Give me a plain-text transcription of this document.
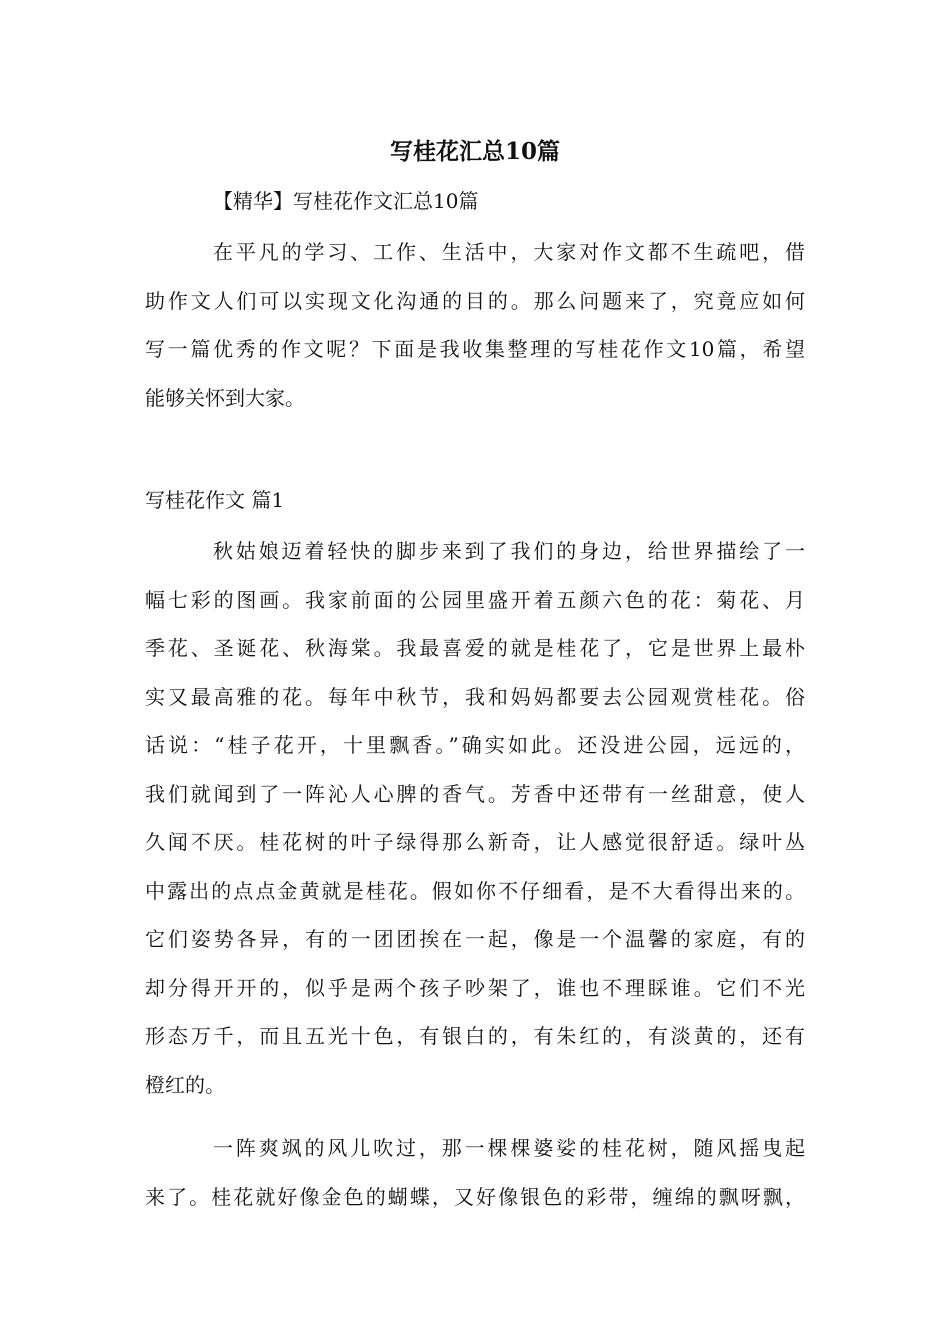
写桂花汇总10篇

【精华】写桂花作文汇总10篇

在平凡的学习、工作、生活中，大家对作文都不生疏吧，借
助作文人们可以实现文化沟通的目的。那么问题来了，究竟应如何
写一篇优秀的作文呢？下面是我收集整理的写桂花作文10篇，希望
能够关怀到大家。

写桂花作文 篇1

秋姑娘迈着轻快的脚步来到了我们的身边，给世界描绘了一
幅七彩的图画。我家前面的公园里盛开着五颜六色的花：菊花、月
季花、圣诞花、秋海棠。我最喜爱的就是桂花了，它是世界上最朴
实又最高雅的花。每年中秋节，我和妈妈都要去公园观赏桂花。俗
话说：“桂子花开，十里飘香。”确实如此。还没进公园，远远的，
我们就闻到了一阵沁人心脾的香气。芳香中还带有一丝甜意，使人
久闻不厌。桂花树的叶子绿得那么新奇，让人感觉很舒适。绿叶丛
中露出的点点金黄就是桂花。假如你不仔细看，是不大看得出来的。
它们姿势各异，有的一团团挨在一起，像是一个温馨的家庭，有的
却分得开开的，似乎是两个孩子吵架了，谁也不理睬谁。它们不光
形态万千，而且五光十色，有银白的，有朱红的，有淡黄的，还有
橙红的。
一阵爽飒的风儿吹过，那一棵棵婆娑的桂花树，随风摇曳起
来了。桂花就好像金色的蝴蝶，又好像银色的彩带，缠绵的飘呀飘，
